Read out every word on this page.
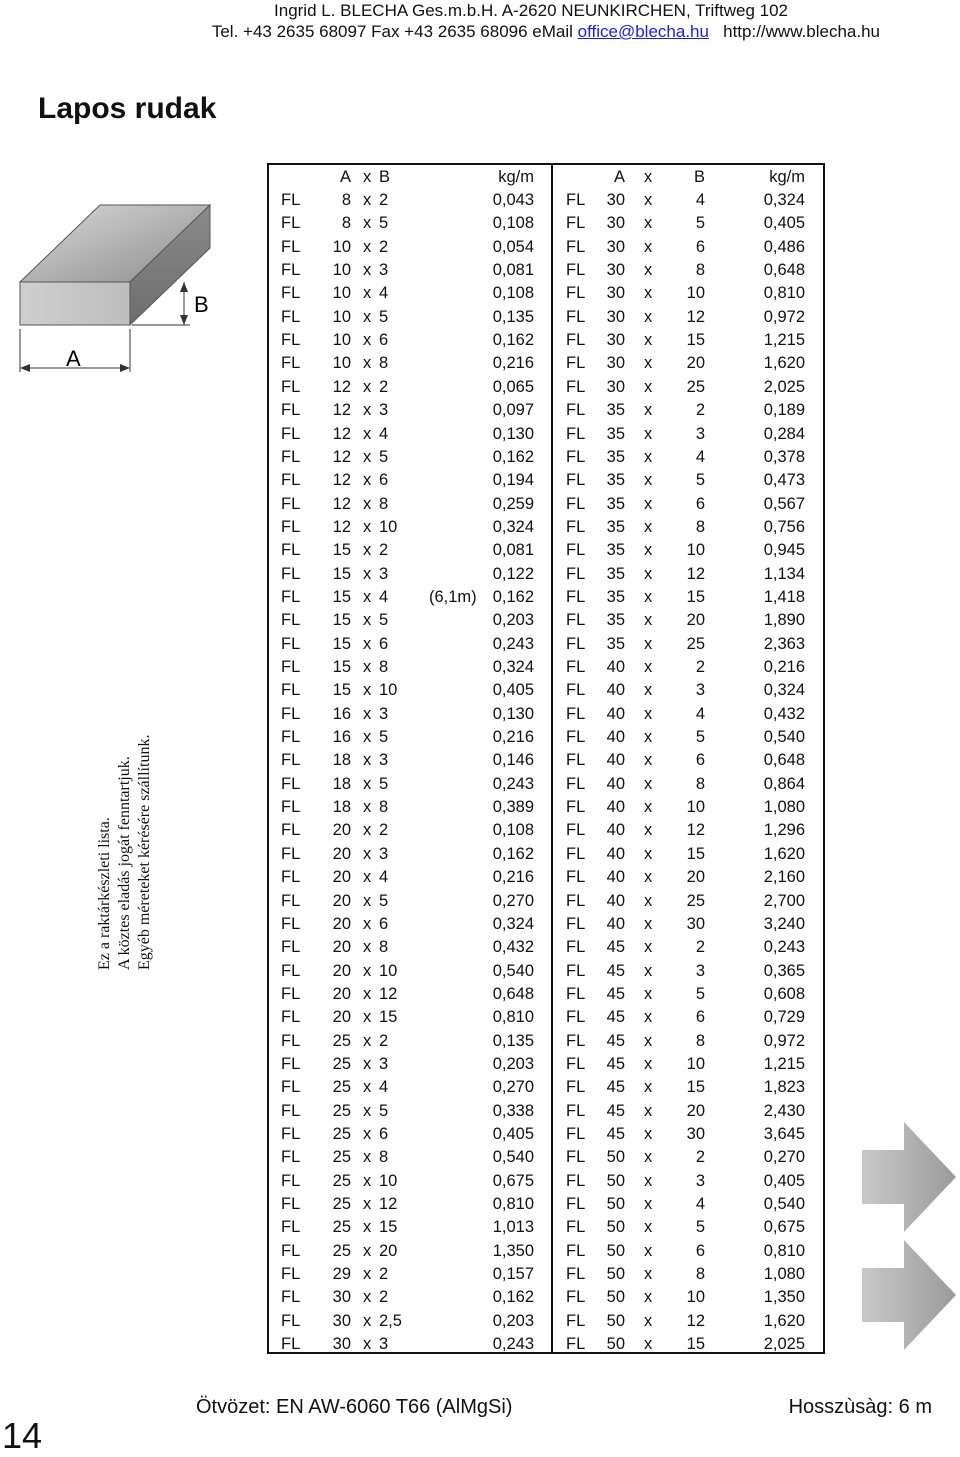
Ingrid L. BLECHA Ges.m.b.H. A-2620 NEUNKIRCHEN, Triftweg 102
Tel. +43 2635 68097 Fax +43 2635 68096 eMail office@blecha.hu http://www.blecha.hu
Lapos rudak
A
B
Ez a raktárkészleti lista. A köztes eladás jogát fenntartjuk. Egyéb méreteket kérésére szállítunk.
A x B	kg/m	A x	B	kg/m
FL	8 x 2	0,043 FL	30 x	4	0,324
FL	8 x 5	0,108 FL	30 x	5	0,405
FL	10 x 2	0,054 FL	30 x	6	0,486
FL	10 x 3	0,081 FL	30 x	8	0,648
FL	10 x 4	0,108 FL	30 x	10	0,810
FL	10 x 5	0,135 FL	30 x	12	0,972
FL	10 x 6	0,162 FL	30 x	15	1,215
FL	10 x 8	0,216 FL	30 x	20	1,620
FL	12 x 2	0,065 FL	30 x	25	2,025
FL	12 x 3	0,097 FL	35 x	2	0,189
FL	12 x 4	0,130 FL	35 x	3	0,284
FL	12 x 5	0,162 FL	35 x	4	0,378
FL	12 x 6	0,194 FL	35 x	5	0,473
FL	12 x 8	0,259 FL	35 x	6	0,567
FL	12 x 10	0,324 FL	35 x	8	0,756
FL	15 x 2	0,081 FL	35 x	10	0,945
FL	15 x 3	0,122 FL	35 x	12	1,134
FL	15 x 4 (6,1m) 0,162 FL	35 x	15	1,418
FL	15 x 5	0,203 FL	35 x	20	1,890
FL	15 x 6	0,243 FL	35 x	25	2,363
FL	15 x 8	0,324 FL	40 x	2	0,216
FL	15 x 10	0,405 FL	40 x	3	0,324
FL	16 x 3	0,130 FL	40 x	4	0,432
FL	16 x 5	0,216 FL	40 x	5	0,540
FL	18 x 3	0,146 FL	40 x	6	0,648
FL	18 x 5	0,243 FL	40 x	8	0,864
FL	18 x 8	0,389 FL	40 x	10	1,080
FL	20 x 2	0,108 FL	40 x	12	1,296
FL	20 x 3	0,162 FL	40 x	15	1,620
FL	20 x 4	0,216 FL	40 x	20	2,160
FL	20 x 5	0,270 FL	40 x	25	2,700
FL	20 x 6	0,324 FL	40 x	30	3,240
FL	20 x 8	0,432 FL	45 x	2	0,243
FL	20 x 10	0,540 FL	45 x	3	0,365
FL	20 x 12	0,648 FL	45 x	5	0,608
FL	20 x 15	0,810 FL	45 x	6	0,729
FL	25 x 2	0,135 FL	45 x	8	0,972
FL	25 x 3	0,203 FL	45 x	10	1,215
FL	25 x 4	0,270 FL	45 x	15	1,823
FL	25 x 5	0,338 FL	45 x	20	2,430
FL	25 x 6	0,405 FL	45 x	30	3,645
FL	25 x 8	0,540 FL	50 x	2	0,270
FL	25 x 10	0,675 FL	50 x	3	0,405
FL	25 x 12	0,810 FL	50 x	4	0,540
FL	25 x 15	1,013 FL	50 x	5	0,675
FL	25 x 20	1,350 FL	50 x	6	0,810
FL	29 x 2	0,157 FL	50 x	8	1,080
FL	30 x 2	0,162 FL	50 x	10	1,350
FL	30 x 2,5	0,203 FL	50 x	12	1,620
FL	30 x 3	0,243 FL	50 x	15	2,025
Ötvözet: EN AW-6060 T66 (AlMgSi)	Hosszùsàg: 6 m
14
